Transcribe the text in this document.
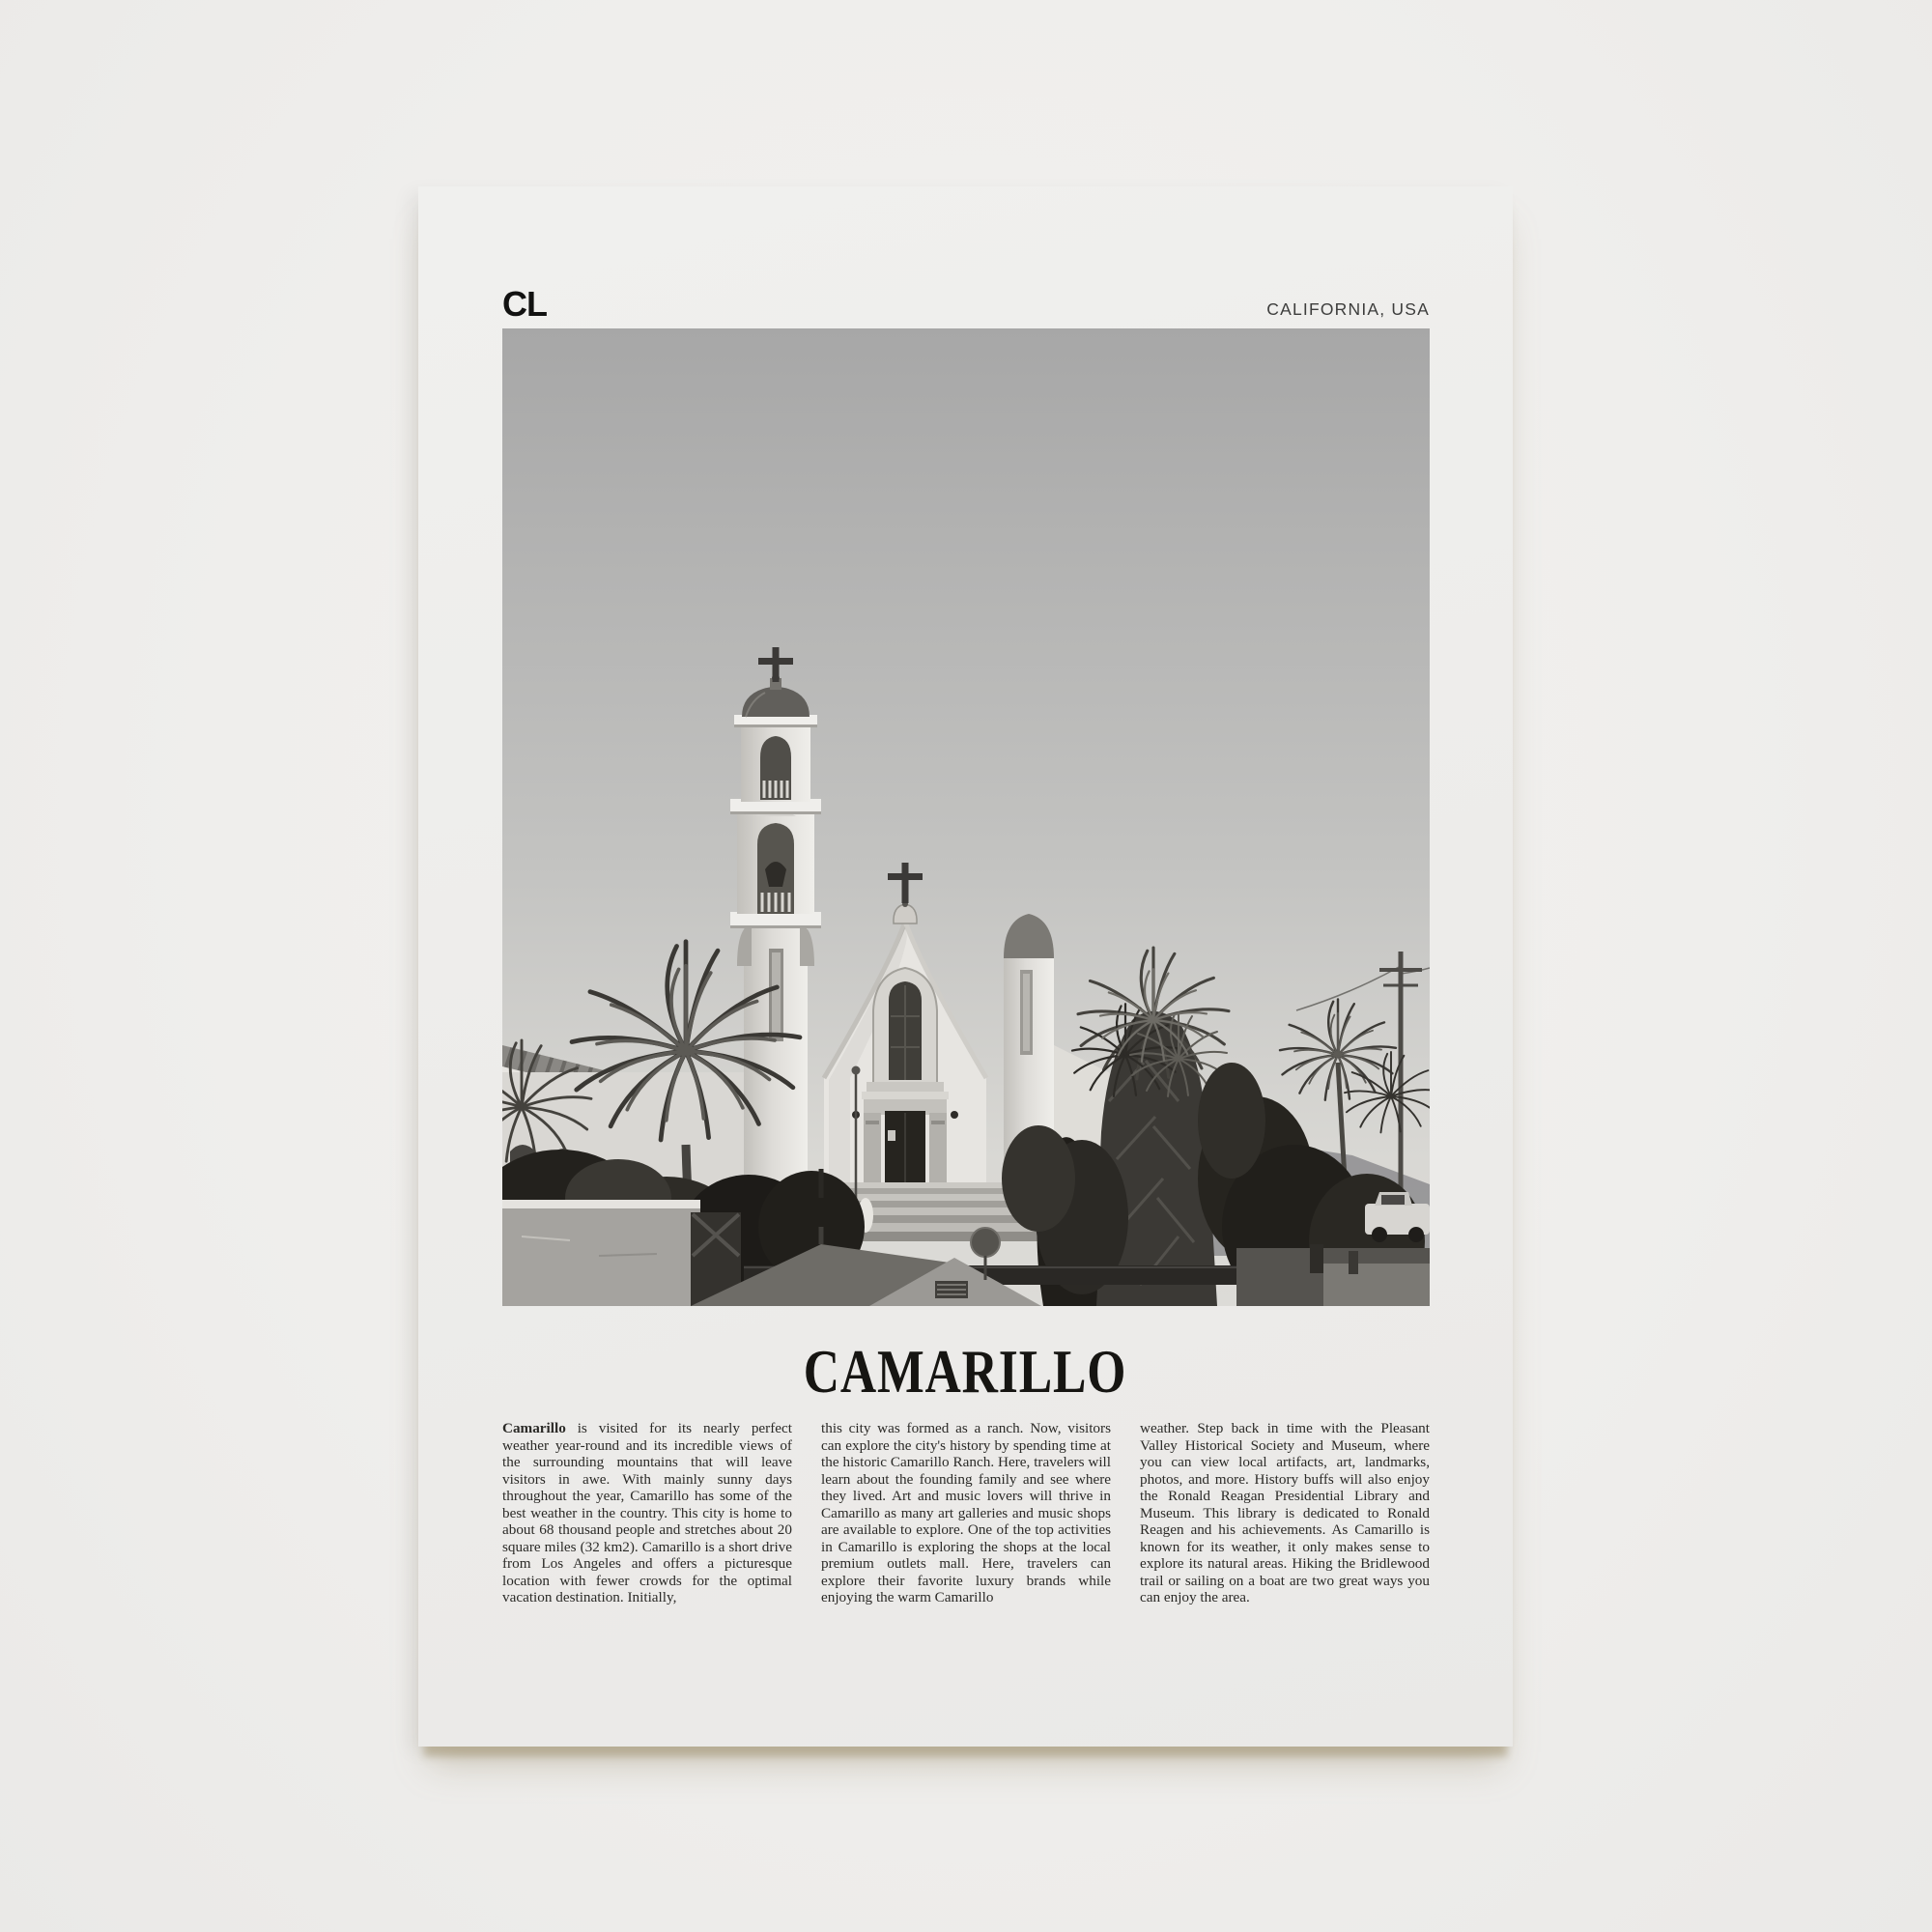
CL	CALIFORNIA, USA
CAMARILLO

Camarillo is visited for its nearly perfect weather year-round and its incredible views of the surrounding mountains that will leave visitors in awe. With mainly sunny days throughout the year, Camarillo has some of the best weather in the country. This city is home to about 68 thousand people and stretches about 20 square miles (32 km2). Camarillo is a short drive from Los Angeles and offers a picturesque location with fewer crowds for the optimal vacation destination. Initially,

this city was formed as a ranch. Now, visitors can explore the city's history by spending time at the historic Camarillo Ranch. Here, travelers will learn about the founding family and see where they lived. Art and music lovers will thrive in Camarillo as many art galleries and music shops are available to explore. One of the top activities in Camarillo is exploring the shops at the local premium outlets mall. Here, travelers can explore their favorite luxury brands while enjoying the warm Camarillo

weather. Step back in time with the Pleasant Valley Historical Society and Museum, where you can view local artifacts, art, landmarks, photos, and more. History buffs will also enjoy the Ronald Reagan Presidential Library and Museum. This library is dedicated to Ronald Reagen and his achievements. As Camarillo is known for its weather, it only makes sense to explore its natural areas. Hiking the Bridlewood trail or sailing on a boat are two great ways you can enjoy the area.
